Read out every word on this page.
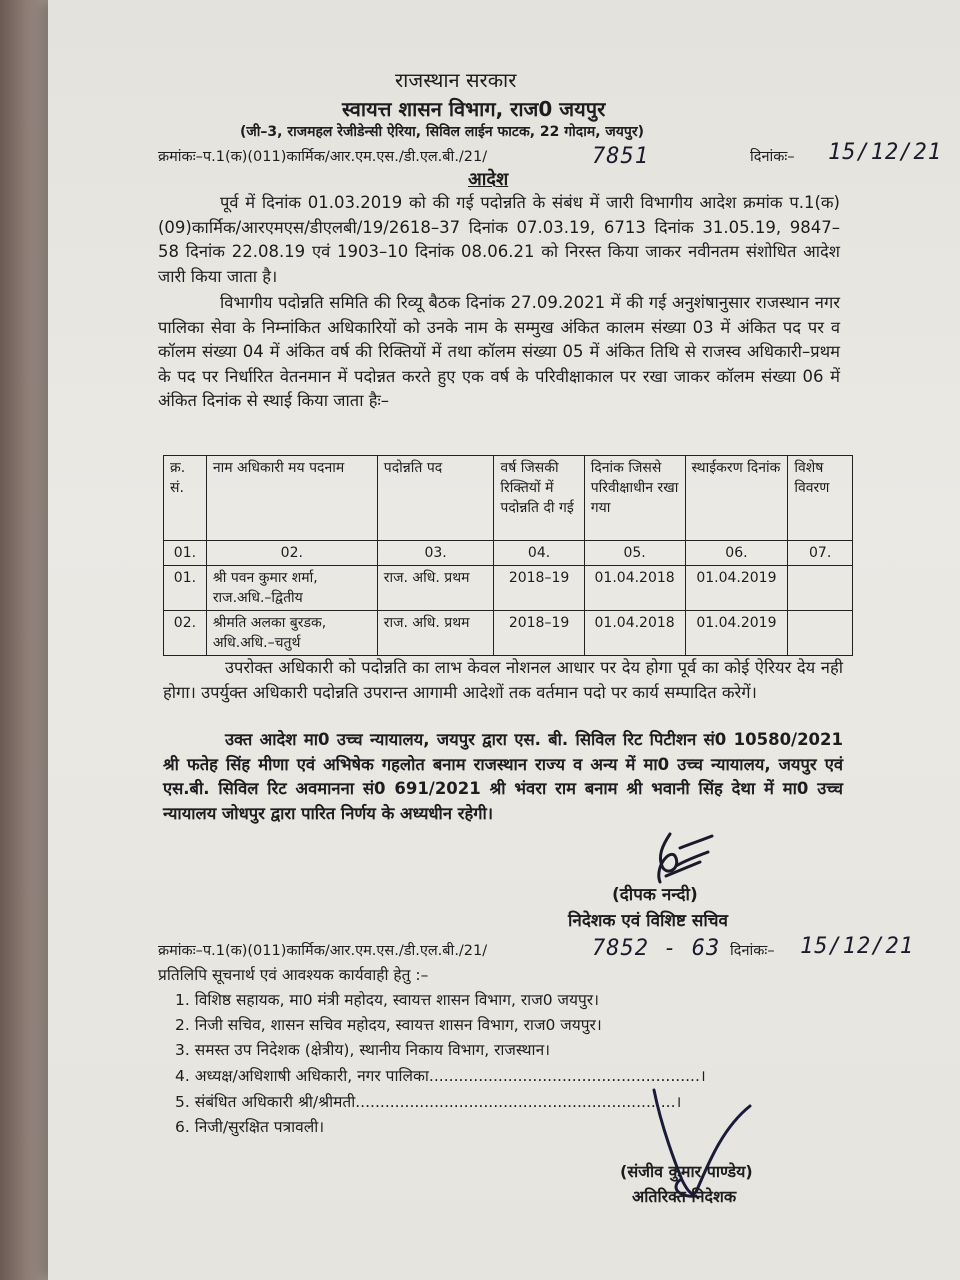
राजस्थान सरकार
स्वायत्त शासन विभाग, राज0 जयपुर
(जी–3, राजमहल रेजीडेन्सी ऐरिया, सिविल लाईन फाटक, 22 गोदाम, जयपुर)
क्रमांकः–प.1(क)(011)कार्मिक/आर.एम.एस./डी.एल.बी./21/	7851	दिनांकः– 15/12/21
आदेश
पूर्व में दिनांक 01.03.2019 को की गई पदोन्नति के संबंध में जारी विभागीय आदेश क्रमांक प.1(क)(09)कार्मिक/आरएमएस/डीएलबी/19/2618–37 दिनांक 07.03.19, 6713 दिनांक 31.05.19, 9847–58 दिनांक 22.08.19 एवं 1903–10 दिनांक 08.06.21 को निरस्त किया जाकर नवीनतम संशोधित आदेश जारी किया जाता है।
विभागीय पदोन्नति समिति की रिव्यू बैठक दिनांक 27.09.2021 में की गई अनुशंषानुसार राजस्थान नगर पालिका सेवा के निम्नांकित अधिकारियों को उनके नाम के सम्मुख अंकित कालम संख्या 03 में अंकित पद पर व कॉलम संख्या 04 में अंकित वर्ष की रिक्तियों में तथा कॉलम संख्या 05 में अंकित तिथि से राजस्व अधिकारी–प्रथम के पद पर निर्धारित वेतनमान में पदोन्नत करते हुए एक वर्ष के परिवीक्षाकाल पर रखा जाकर कॉलम संख्या 06 में अंकित दिनांक से स्थाई किया जाता हैः–
क्र. सं.	नाम अधिकारी मय पदनाम	पदोन्नति पद	वर्ष जिसकी रिक्तियों में पदोन्नति दी गई	दिनांक जिससे परिवीक्षाधीन रखा गया	स्थाईकरण दिनांक	विशेष विवरण
01.	02.	03.	04.	05.	06.	07.
01.	श्री पवन कुमार शर्मा, राज.अधि.–द्वितीय	राज. अधि. प्रथम	2018–19	01.04.2018	01.04.2019	
02.	श्रीमति अलका बुरडक, अधि.अधि.–चतुर्थ	राज. अधि. प्रथम	2018–19	01.04.2018	01.04.2019	
उपरोक्त अधिकारी को पदोन्नति का लाभ केवल नोशनल आधार पर देय होगा पूर्व का कोई ऐरियर देय नही होगा। उपर्युक्त अधिकारी पदोन्नति उपरान्त आगामी आदेशों तक वर्तमान पदो पर कार्य सम्पादित करेगें।
उक्त आदेश मा0 उच्च न्यायालय, जयपुर द्वारा एस. बी. सिविल रिट पिटीशन सं0 10580/2021 श्री फतेह सिंह मीणा एवं अभिषेक गहलोत बनाम राजस्थान राज्य व अन्य में मा0 उच्च न्यायालय, जयपुर एवं एस.बी. सिविल रिट अवमानना सं0 691/2021 श्री भंवरा राम बनाम श्री भवानी सिंह देथा में मा0 उच्च न्यायालय जोधपुर द्वारा पारित निर्णय के अध्यधीन रहेगी।
(दीपक नन्दी)
निदेशक एवं विशिष्ट सचिव
क्रमांकः–प.1(क)(011)कार्मिक/आर.एम.एस./डी.एल.बी./21/	7852 - 63 दिनांकः– 15/12/21
प्रतिलिपि सूचनार्थ एवं आवश्यक कार्यवाही हेतु :–
1. विशिष्ठ सहायक, मा0 मंत्री महोदय, स्वायत्त शासन विभाग, राज0 जयपुर।
2. निजी सचिव, शासन सचिव महोदय, स्वायत्त शासन विभाग, राज0 जयपुर।
3. समस्त उप निदेशक (क्षेत्रीय), स्थानीय निकाय विभाग, राजस्थान।
4. अध्यक्ष/अधिशाषी अधिकारी, नगर पालिका.......................................................।
5. संबंधित अधिकारी श्री/श्रीमती.................................................................।
6. निजी/सुरक्षित पत्रावली।
(संजीव कुमार पाण्डेय)
अतिरिक्त निदेशक
